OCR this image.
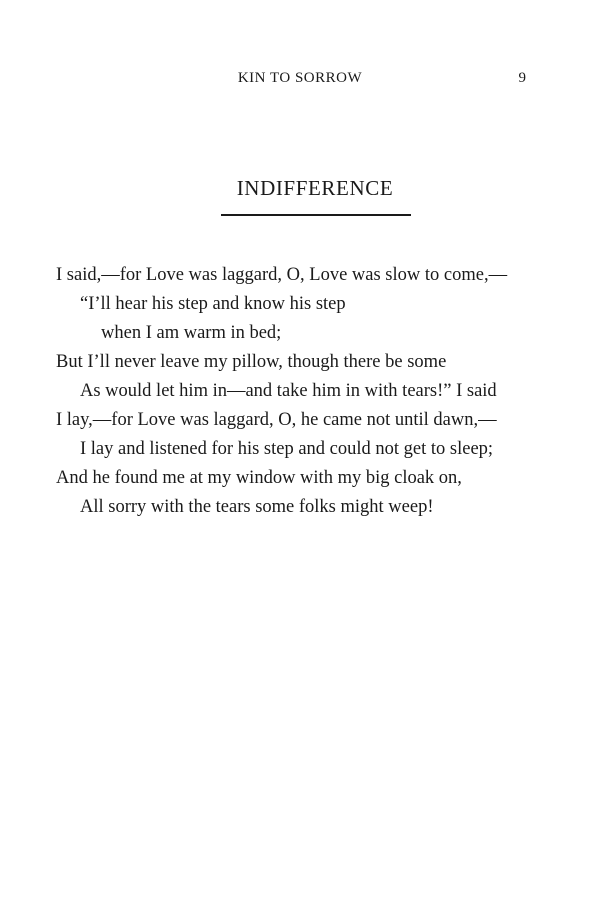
KIN TO SORROW	9
INDIFFERENCE
I said,—for Love was laggard, O, Love was slow to come,—
“I’ll hear his step and know his step
when I am warm in bed;
But I’ll never leave my pillow, though there be some
As would let him in—and take him in with tears!” I said
I lay,—for Love was laggard, O, he came not until dawn,—
I lay and listened for his step and could not get to sleep;
And he found me at my window with my big cloak on,
All sorry with the tears some folks might weep!
